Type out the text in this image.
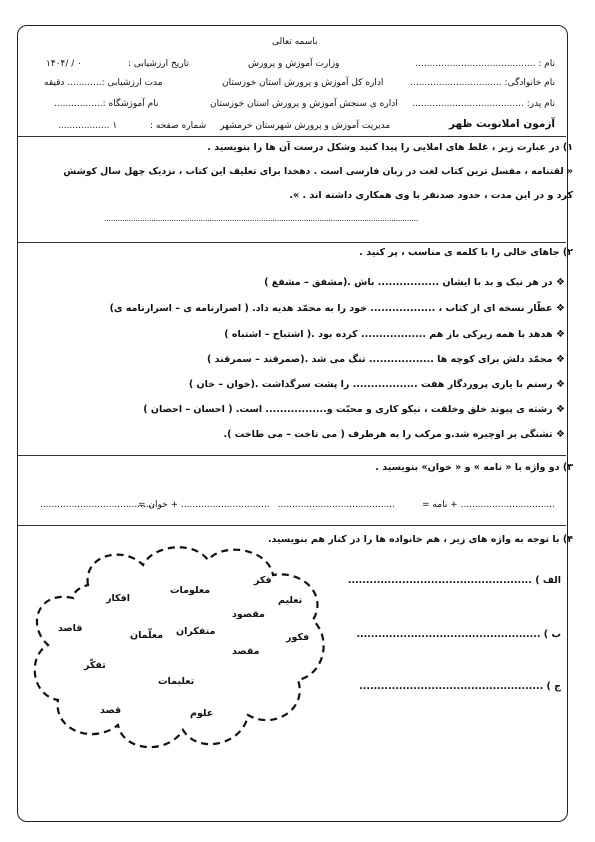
باسمه تعالی
نام : ..........................................
نام خانوادگی: ................................
نام پدر: .......................................
آزمون املانوبت ظهر
وزارت آموزش و پرورش
اداره کل آموزش و پرورش استان خوزستان
اداره ی سنجش آموزش و پرورش استان خوزستان
مدیریت آموزش و پرورش شهرستان خرمشهر
تاریخ ارزشیابی :
۱۴۰۴/ / ۰
مدت ارزشیابی :............ دقیقه
نام آموزشگاه :.................
شماره صفحه :
۱ ..................
۱) در عبارت زیر ، غلط های املایی را پیدا کنید وشکل درست آن ها را بنویسید .
« لقتنامه ، مفسل ترین کتاب لغت در زبان فارسی است . دهخدا برای تعلیف این کتاب ، نزدیک چهل سال کوشش
کرد و در این مدت ، حدود صدنفر با وی همکاری داشته اند . ».
............................................................................................................................................
۲) جاهای خالی را با کلمه ی مناسب ، پر کنید .
❖ در هر نیک و بد با ایشان ................. باش .(مشفق – مشفغ )
❖ عطّار نسخه ای از کتاب ، .................. خود را به محمّد هدیه داد. ( اصرارنامه ی – اسرارنامه ی)
❖ هدهد با همه زیرکی باز هم .................. کرده بود .( اشتباح – اشتباه )
❖ محمّد دلش برای کوچه ها .................. تنگ می شد .(صمرقند – سمرقند )
❖ رستم با یاری پروردگار هفت .................. را پشت سرگذاشت .(خوان – خان )
❖ رشته ی پیوند خلق وخلقت ، نیکو کاری و محبّت و................. است. ( احسان – احصان )
❖ تشنگی بر اوچیره شد.و مرکب را به هرطرف ( می تاخت – می طاخت ).
۳) دو واژه با « نامه » و « خوان» بنویسید .
................................. + نامه =
.........................................
............................... + خوان =
........................................
۴) با توجه به واژه های زیر ، هم خانواده ها را در کنار هم بنویسید.
الف ) ...................................................
ب ) ...................................................
ج ) ...................................................
فکر
تعلیم
معلومات
افکار
مقصود
قاصد
معلّمان متفکران
فکور
مقصد
تفکّر
تعلیمات
قصد	علوم
